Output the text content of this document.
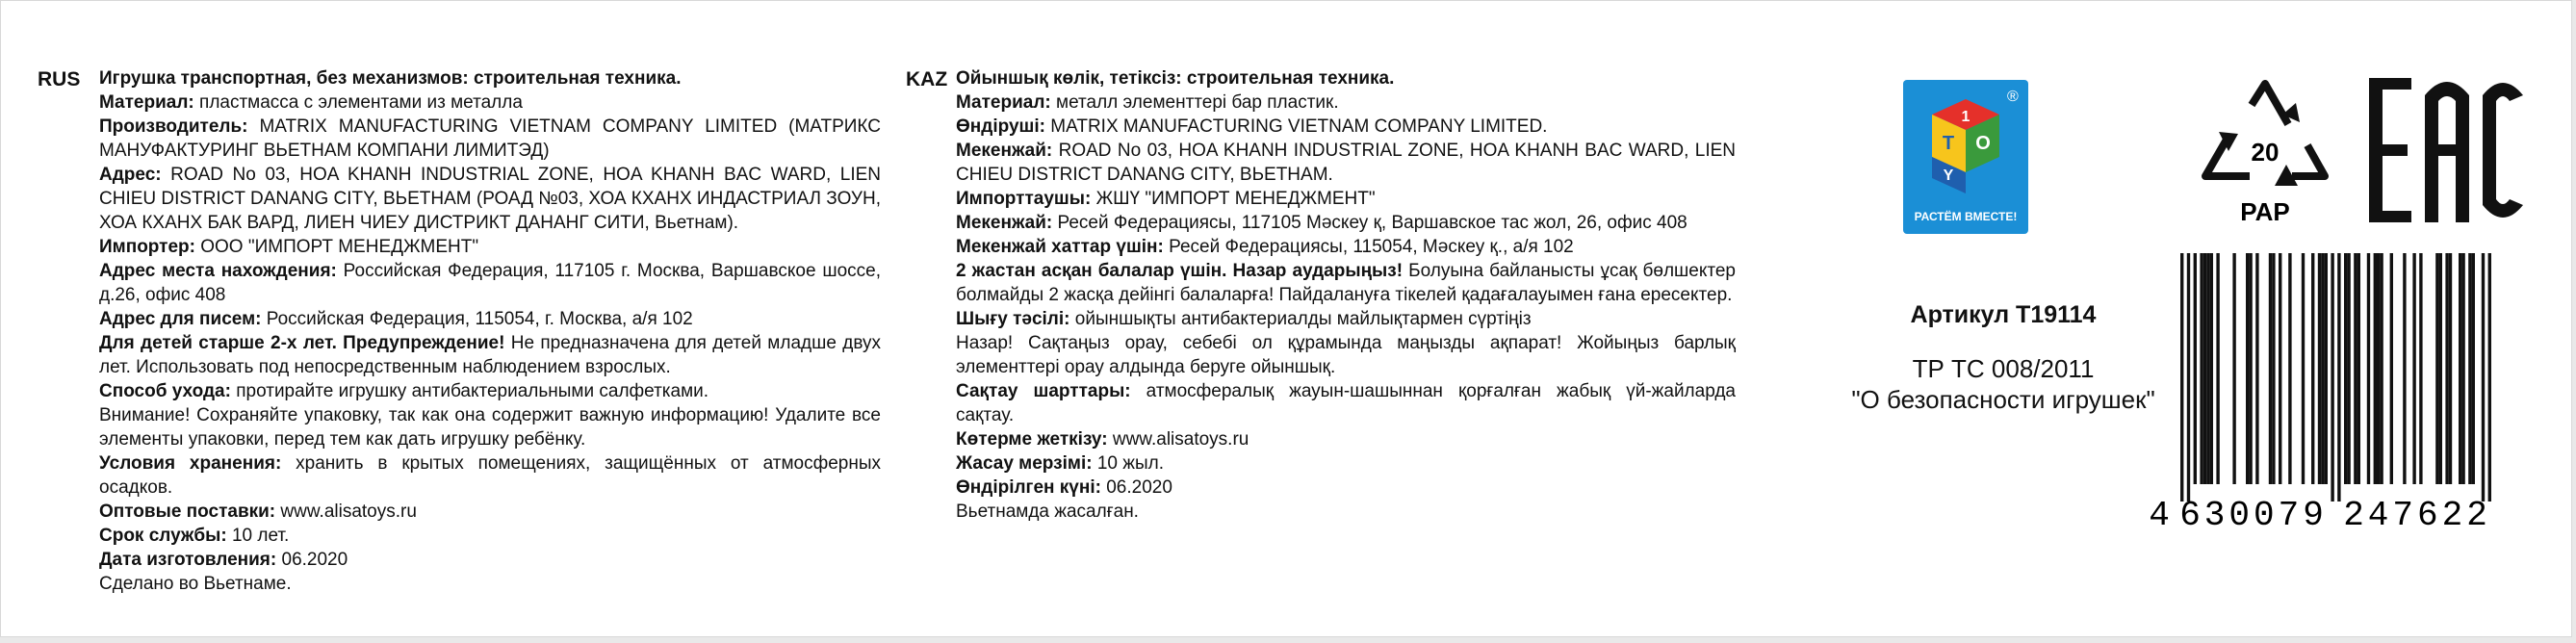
RUS Игрушка транспортная, без механизмов: строительная техника.

Материал: пластмасса с элементами из металла

Производитель: MATRIX MANUFACTURING VIETNAM COMPANY LIMITED (МАТРИКС МАНУФАКТУРИНГ ВЬЕТНАМ КОМПАНИ ЛИМИТЭД)

Адрес: ROAD No 03, HOA KHANH INDUSTRIAL ZONE, HOA KHANH BAC WARD, LIEN CHIEU DISTRICT DANANG CITY, ВЬЕТНАМ (РОАД №03, ХОА КХАНХ ИНДАСТРИАЛ ЗОУН, ХОА КХАНХ БАК ВАРД, ЛИЕН ЧИЕУ ДИСТРИКТ ДАНАНГ СИТИ, Вьетнам).

Импортер: ООО "ИМПОРТ МЕНЕДЖМЕНТ"

Адрес места нахождения: Российская Федерация, 117105 г. Москва, Варшавское шоссе, д.26, офис 408

Адрес для писем: Российская Федерация, 115054, г. Москва, а/я 102

Для детей старше 2-х лет. Предупреждение! Не предназначена для детей младше двух лет. Использовать под непосредственным наблюдением взрослых.

Способ ухода: протирайте игрушку антибактериальными салфетками.

Внимание! Сохраняйте упаковку, так как она содержит важную информацию! Удалите все элементы упаковки, перед тем как дать игрушку ребёнку.

Условия хранения: хранить в крытых помещениях, защищённых от атмосферных осадков.

Оптовые поставки: www.alisatoys.ru

Срок службы: 10 лет.

Дата изготовления: 06.2020

Сделано во Вьетнаме.

KAZ Ойыншық көлік, тетіксіз: строительная техника.

Материал: металл элементтері бар пластик.

Өндіруші: MATRIX MANUFACTURING VIETNAM COMPANY LIMITED.

Мекенжай: ROAD No 03, HOA KHANH INDUSTRIAL ZONE, HOA KHANH BAC WARD, LIEN CHIEU DISTRICT DANANG CITY, ВЬЕТНАМ.

Импорттаушы: ЖШҮ "ИМПОРТ МЕНЕДЖМЕНТ"

Мекенжай: Ресей Федерациясы, 117105 Мәскеу қ, Варшавское тас жол, 26, офис 408

Мекенжай хаттар үшін: Ресей Федерациясы, 115054, Мәскеу қ., а/я 102

2 жастан асқан балалар үшін. Назар аударыңыз! Болуына байланысты ұсақ бөлшектер болмайды 2 жасқа дейінгі балаларға! Пайдалануға тікелей қадағалауымен ғана ересектер.

Шығу тәсілі: ойыншықты антибактериалды майлықтармен сүртіңіз

Назар! Сақтаңыз орау, себебі ол құрамында маңызды ақпарат! Жойыңыз барлық элементтері орау алдында беруге ойыншық.

Сақтау шарттары: атмосфералық жауын-шашыннан қорғалған жабық үй-жайларда сақтау.

Көтерме жеткізу: www.alisatoys.ru

Жасау мерзімі: 10 жыл.

Өндірілген күні: 06.2020

Вьетнамда жасалған.

®
1
T O
Y
РАСТЁМ ВМЕСТЕ!
20
PAP
Артикул T19114
ТР ТС 008/2011
"О безопасности игрушек"
4 630079 247622
